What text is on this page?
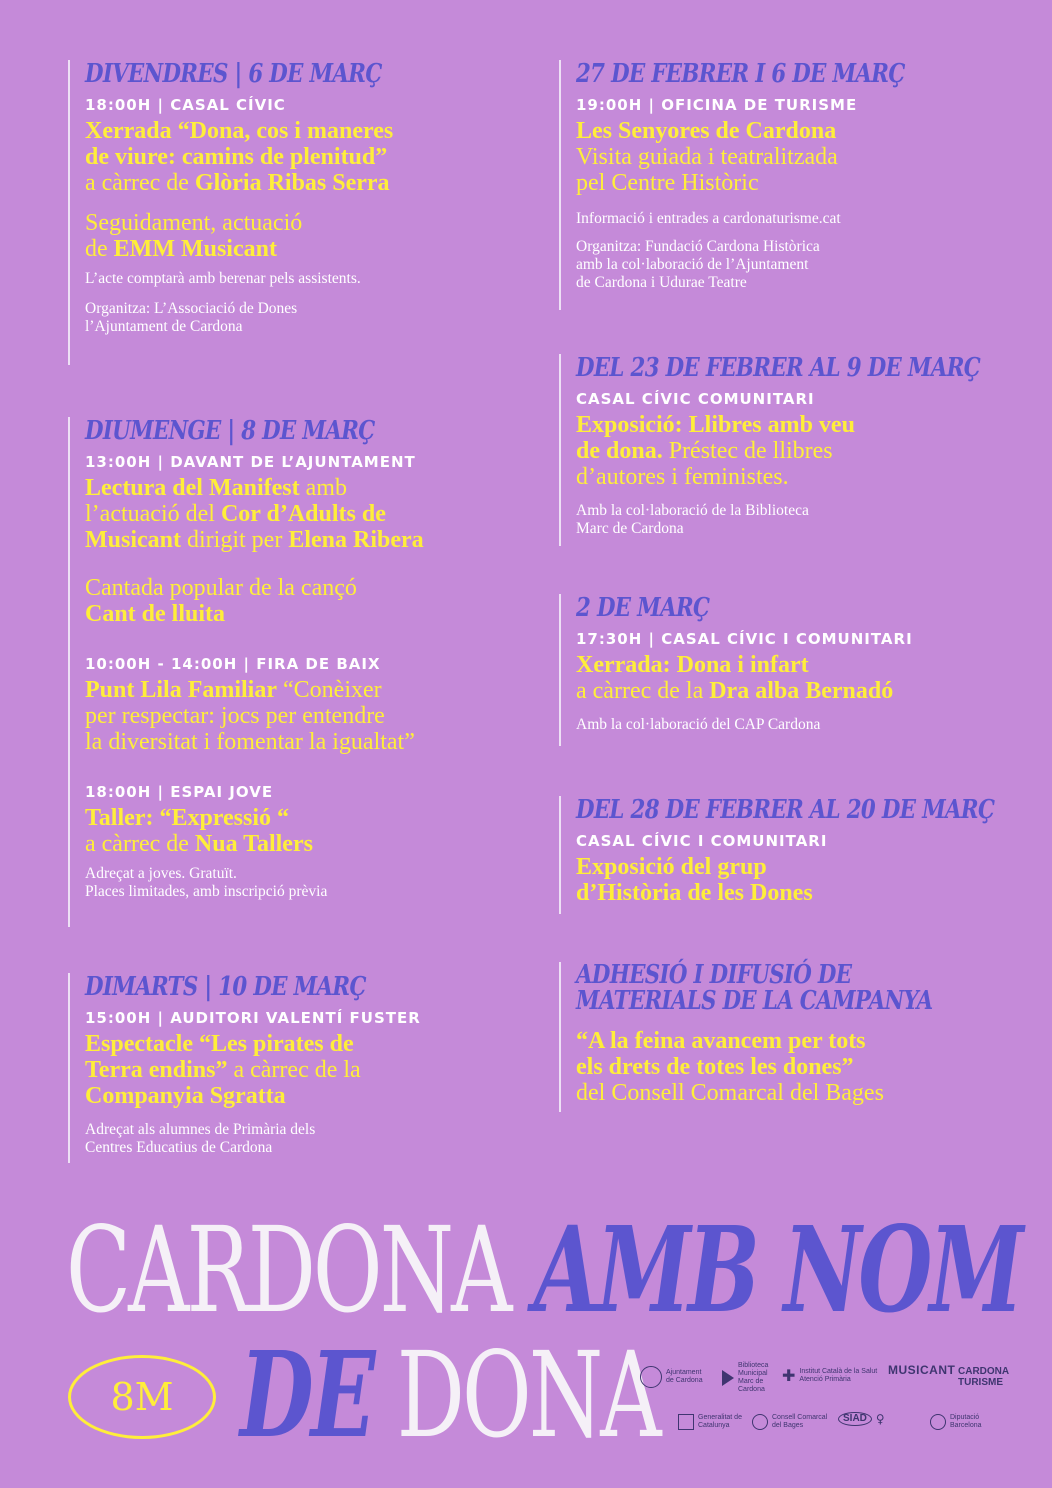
DIVENDRES | 6 DE MARÇ
18:00H | CASAL CÍVIC
Xerrada “Dona, cos i maneres
de viure: camins de plenitud”
a càrrec de Glòria Ribas Serra
Seguidament, actuació
de EMM Musicant
L’acte comptarà amb berenar pels assistents.
Organitza: L’Associació de Dones
l’Ajuntament de Cardona
DIUMENGE | 8 DE MARÇ
13:00H | DAVANT DE L’AJUNTAMENT
Lectura del Manifest amb
l’actuació del Cor d’Adults de
Musicant dirigit per Elena Ribera
Cantada popular de la cançó
Cant de lluita
10:00H - 14:00H | FIRA DE BAIX
Punt Lila Familiar “Conèixer
per respectar: jocs per entendre
la diversitat i fomentar la igualtat”
18:00H | ESPAI JOVE
Taller: “Expressió “
a càrrec de Nua Tallers
Adreçat a joves. Gratuït.
Places limitades, amb inscripció prèvia
DIMARTS | 10 DE MARÇ
15:00H | AUDITORI VALENTÍ FUSTER
Espectacle “Les pirates de
Terra endins” a càrrec de la
Companyia Sgratta
Adreçat als alumnes de Primària dels
Centres Educatius de Cardona
27 DE FEBRER I 6 DE MARÇ
19:00H | OFICINA DE TURISME
Les Senyores de Cardona
Visita guiada i teatralitzada
pel Centre Històric
Informació i entrades a cardonaturisme.cat
Organitza: Fundació Cardona Històrica
amb la col·laboració de l’Ajuntament
de Cardona i Udurae Teatre
DEL 23 DE FEBRER AL 9 DE MARÇ
CASAL CÍVIC COMUNITARI
Exposició: Llibres amb veu
de dona. Préstec de llibres
d’autores i feministes.
Amb la col·laboració de la Biblioteca
Marc de Cardona
2 DE MARÇ
17:30H | CASAL CÍVIC I COMUNITARI
Xerrada: Dona i infart
a càrrec de la Dra alba Bernadó
Amb la col·laboració del CAP Cardona
DEL 28 DE FEBRER AL 20 DE MARÇ
CASAL CÍVIC I COMUNITARI
Exposició del grup
d’Història de les Dones
ADHESIÓ I DIFUSIÓ DE
MATERIALS DE LA CAMPANYA
“A la feina avancem per tots
els drets de totes les dones”
del Consell Comarcal del Bages
CARDONA AMB NOM
8M DE DONA Ajuntament de Cardona
Biblioteca Municipal Marc de Cardona
✚ Institut Català de la Salut Atenció Primària
MUSICANT CARDONA TURISME
Generalitat de Catalunya
Consell Comarcal del Bages
SIAD ♀	Diputació Barcelona
